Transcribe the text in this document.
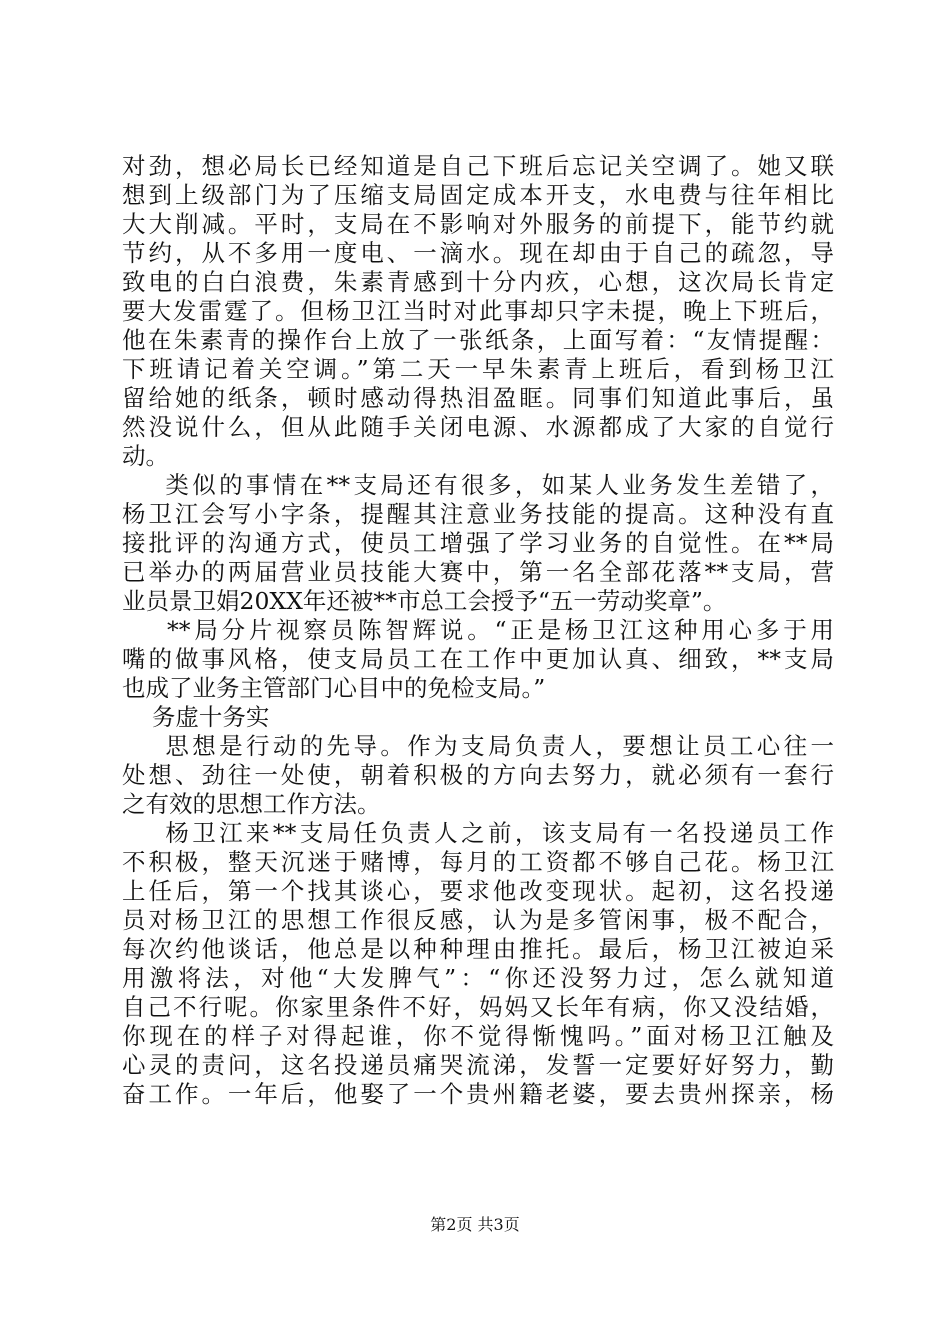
对劲，想必局长已经知道是自己下班后忘记关空调了。她又联
想到上级部门为了压缩支局固定成本开支，水电费与往年相比
大大削减。平时，支局在不影响对外服务的前提下，能节约就
节约，从不多用一度电、一滴水。现在却由于自己的疏忽，导
致电的白白浪费，朱素青感到十分内疚，心想，这次局长肯定
要大发雷霆了。但杨卫江当时对此事却只字未提，晚上下班后，
他在朱素青的操作台上放了一张纸条，上面写着：“友情提醒：
下班请记着关空调。”第二天一早朱素青上班后，看到杨卫江
留给她的纸条，顿时感动得热泪盈眶。同事们知道此事后，虽
然没说什么，但从此随手关闭电源、水源都成了大家的自觉行
动。
类似的事情在**支局还有很多，如某人业务发生差错了，
杨卫江会写小字条，提醒其注意业务技能的提高。这种没有直
接批评的沟通方式，使员工增强了学习业务的自觉性。在**局
已举办的两届营业员技能大赛中，第一名全部花落**支局，营
业员景卫娟20XX年还被**市总工会授予“五一劳动奖章”。
**局分片视察员陈智辉说。“正是杨卫江这种用心多于用
嘴的做事风格，使支局员工在工作中更加认真、细致，**支局
也成了业务主管部门心目中的免检支局。”
务虚十务实
思想是行动的先导。作为支局负责人，要想让员工心往一
处想、劲往一处使，朝着积极的方向去努力，就必须有一套行
之有效的思想工作方法。
杨卫江来**支局任负责人之前，该支局有一名投递员工作
不积极，整天沉迷于赌博，每月的工资都不够自己花。杨卫江
上任后，第一个找其谈心，要求他改变现状。起初，这名投递
员对杨卫江的思想工作很反感，认为是多管闲事，极不配合，
每次约他谈话，他总是以种种理由推托。最后，杨卫江被迫采
用激将法，对他“大发脾气”：“你还没努力过，怎么就知道
自己不行呢。你家里条件不好，妈妈又长年有病，你又没结婚，
你现在的样子对得起谁，你不觉得惭愧吗。”面对杨卫江触及
心灵的责问，这名投递员痛哭流涕，发誓一定要好好努力，勤
奋工作。一年后，他娶了一个贵州籍老婆，要去贵州探亲，杨
第2页 共3页
